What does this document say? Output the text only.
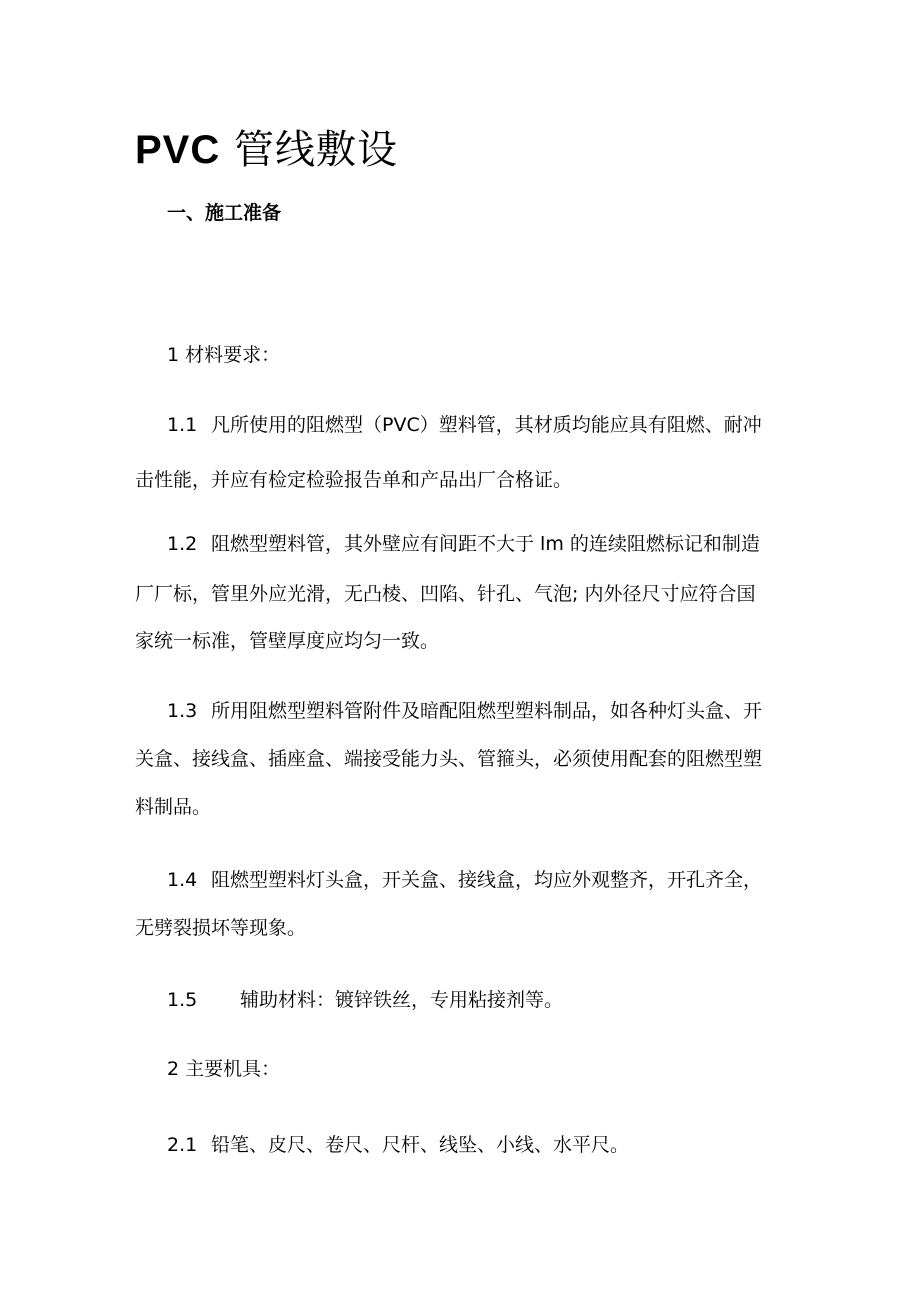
PVC 管线敷设
一、施工准备
1 材料要求：
1.1 凡所使用的阻燃型（PVC）塑料管，其材质均能应具有阻燃、耐冲
击性能，并应有检定检验报告单和产品出厂合格证。
1.2 阻燃型塑料管，其外壁应有间距不大于 lm 的连续阻燃标记和制造
厂厂标，管里外应光滑，无凸棱、凹陷、针孔、气泡; 内外径尺寸应符合国
家统一标准，管壁厚度应均匀一致。
1.3 所用阻燃型塑料管附件及暗配阻燃型塑料制品，如各种灯头盒、开
关盒、接线盒、插座盒、端接受能力头、管箍头，必须使用配套的阻燃型塑
料制品。
1.4 阻燃型塑料灯头盒，开关盒、接线盒，均应外观整齐，开孔齐全，
无劈裂损坏等现象。
1.5 辅助材料：镀锌铁丝，专用粘接剂等。
2 主要机具：
2.1 铅笔、皮尺、卷尺、尺杆、线坠、小线、水平尺。
